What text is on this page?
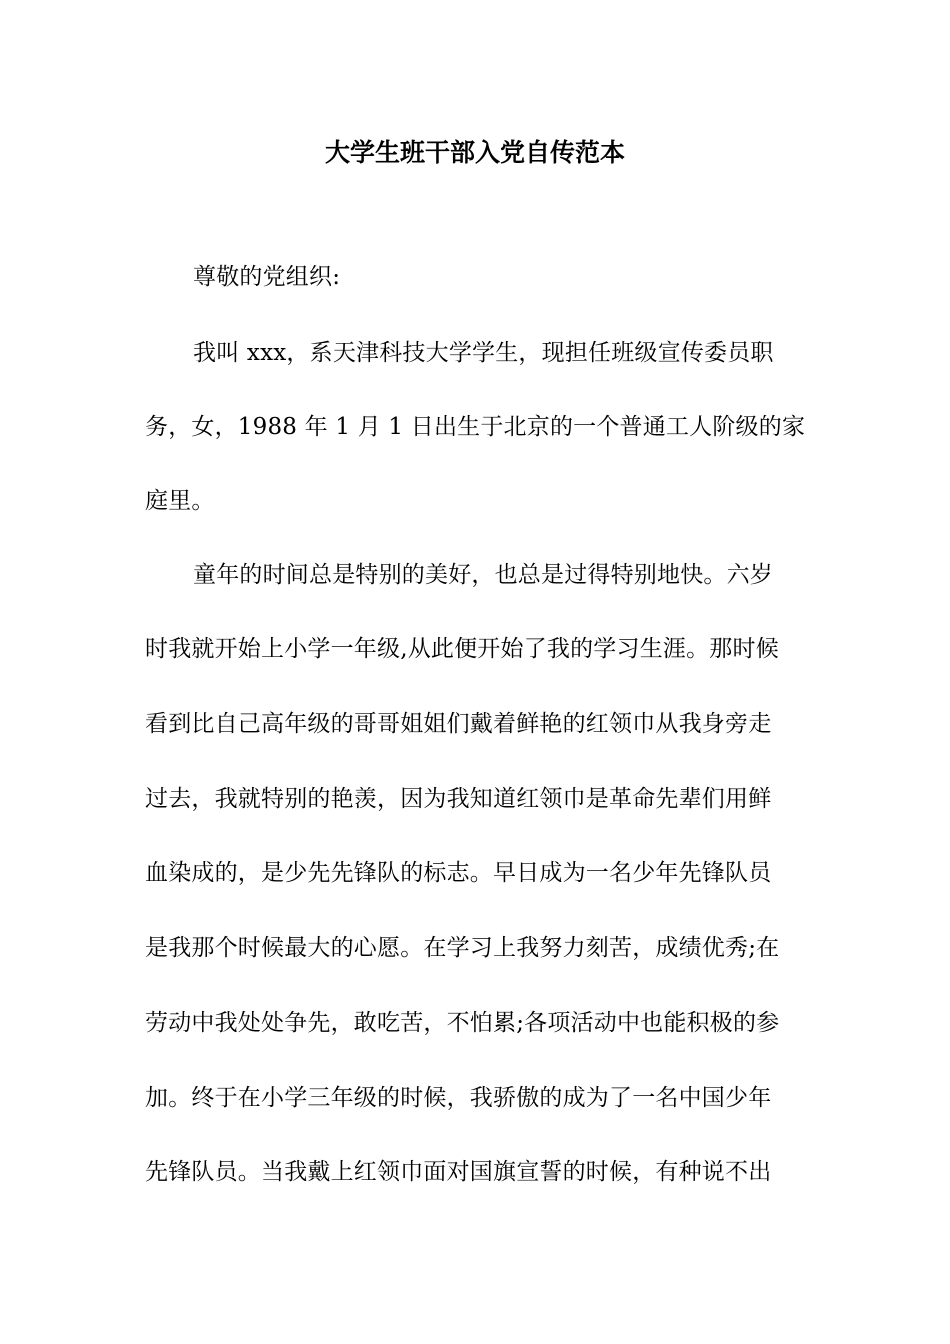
大学生班干部入党自传范本
尊敬的党组织:
我叫 xxx，系天津科技大学学生，现担任班级宣传委员职
务，女，1988 年 1 月 1 日出生于北京的一个普通工人阶级的家
庭里。
童年的时间总是特别的美好，也总是过得特别地快。六岁
时我就开始上小学一年级,从此便开始了我的学习生涯。那时候
看到比自己高年级的哥哥姐姐们戴着鲜艳的红领巾从我身旁走
过去，我就特别的艳羡，因为我知道红领巾是革命先辈们用鲜
血染成的，是少先先锋队的标志。早日成为一名少年先锋队员
是我那个时候最大的心愿。在学习上我努力刻苦，成绩优秀;在
劳动中我处处争先，敢吃苦，不怕累;各项活动中也能积极的参
加。终于在小学三年级的时候，我骄傲的成为了一名中国少年
先锋队员。当我戴上红领巾面对国旗宣誓的时候，有种说不出
